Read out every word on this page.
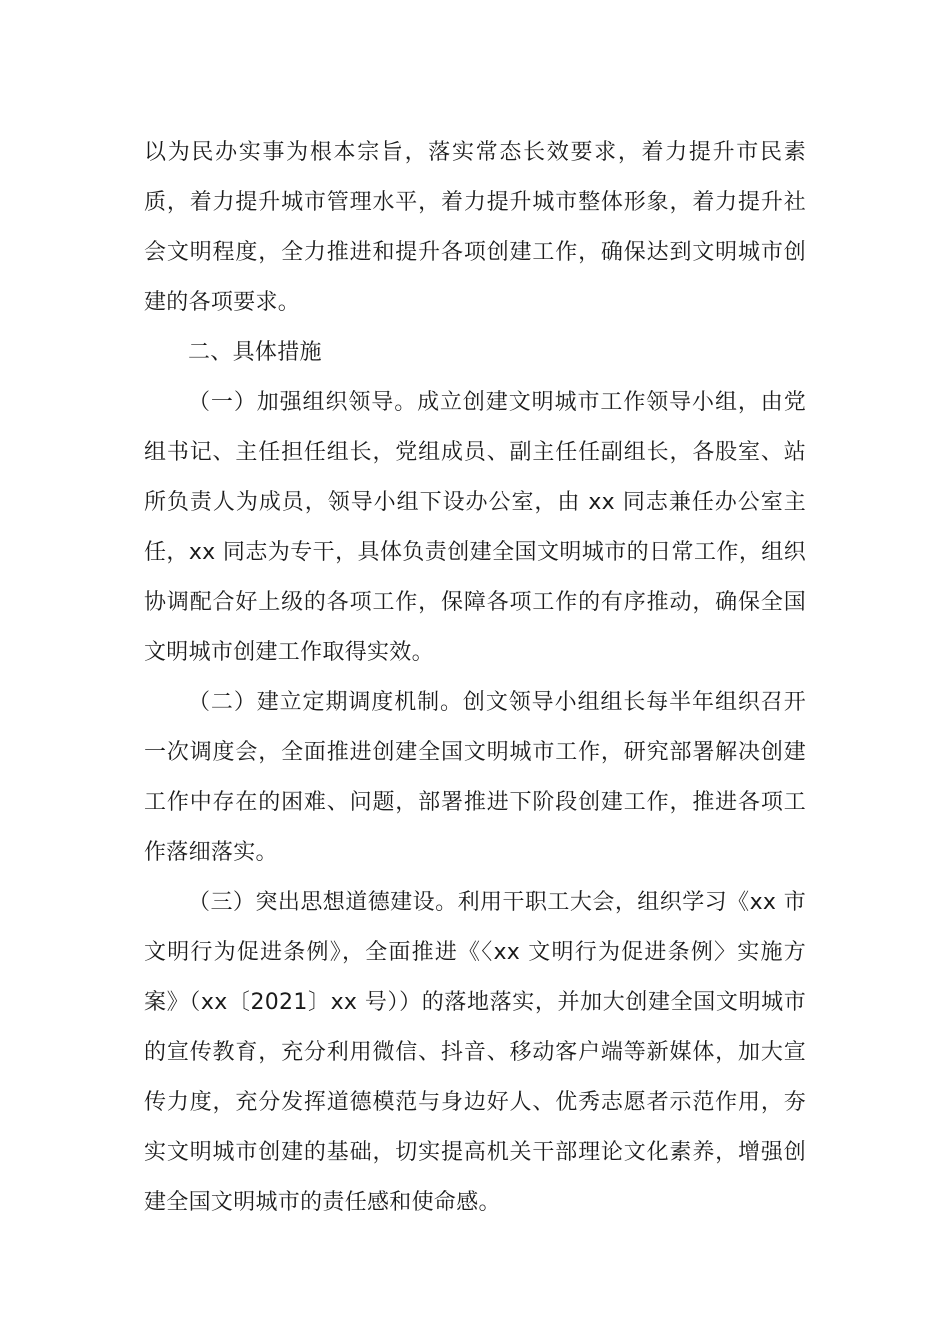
以为民办实事为根本宗旨，落实常态长效要求，着力提升市民素质，着力提升城市管理水平，着力提升城市整体形象，着力提升社会文明程度，全力推进和提升各项创建工作，确保达到文明城市创建的各项要求。

二、具体措施

（一）加强组织领导。成立创建文明城市工作领导小组，由党组书记、主任担任组长，党组成员、副主任任副组长，各股室、站所负责人为成员，领导小组下设办公室，由 xx 同志兼任办公室主任，xx 同志为专干，具体负责创建全国文明城市的日常工作，组织协调配合好上级的各项工作，保障各项工作的有序推动，确保全国文明城市创建工作取得实效。

（二）建立定期调度机制。创文领导小组组长每半年组织召开一次调度会，全面推进创建全国文明城市工作，研究部署解决创建工作中存在的困难、问题，部署推进下阶段创建工作，推进各项工作落细落实。

（三）突出思想道德建设。利用干职工大会，组织学习《xx 市文明行为促进条例》，全面推进《〈xx 文明行为促进条例〉实施方案》（xx〔2021〕xx 号））的落地落实，并加大创建全国文明城市的宣传教育，充分利用微信、抖音、移动客户端等新媒体，加大宣传力度，充分发挥道德模范与身边好人、优秀志愿者示范作用，夯实文明城市创建的基础，切实提高机关干部理论文化素养，增强创建全国文明城市的责任感和使命感。
